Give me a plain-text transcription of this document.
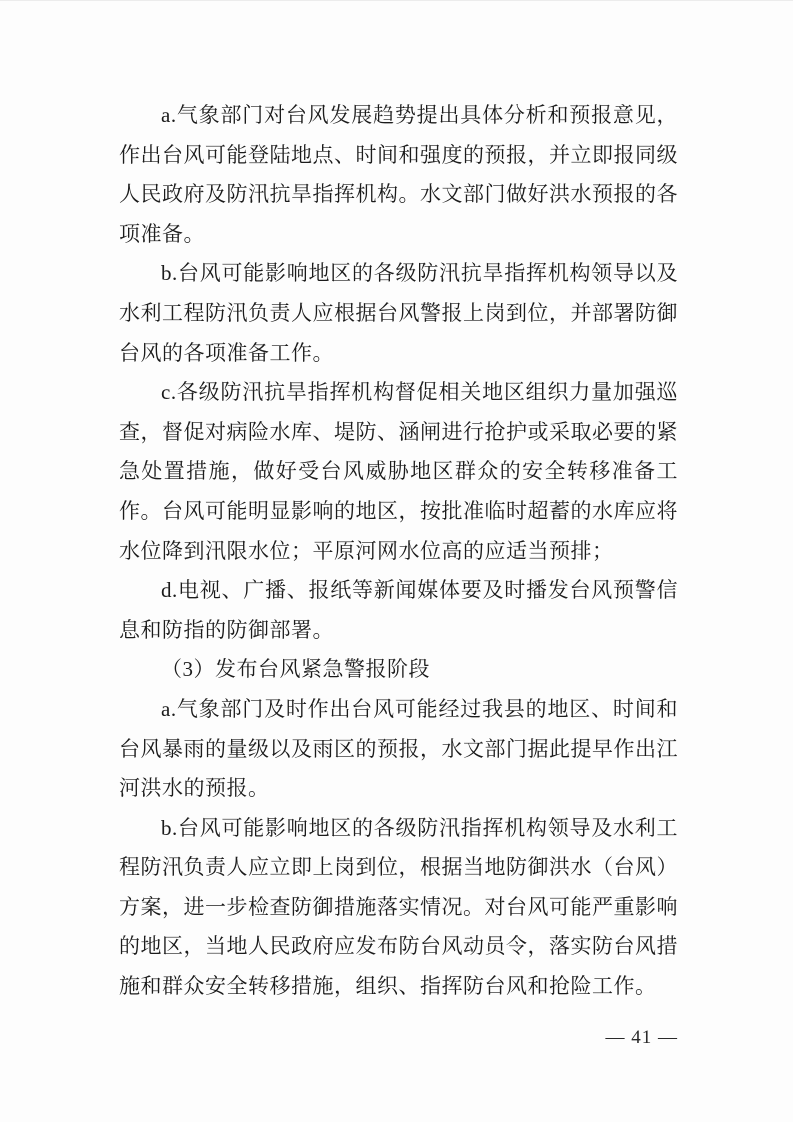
a.气象部门对台风发展趋势提出具体分析和预报意见，作出台风可能登陆地点、时间和强度的预报，并立即报同级人民政府及防汛抗旱指挥机构。水文部门做好洪水预报的各项准备。

b.台风可能影响地区的各级防汛抗旱指挥机构领导以及水利工程防汛负责人应根据台风警报上岗到位，并部署防御台风的各项准备工作。

c.各级防汛抗旱指挥机构督促相关地区组织力量加强巡查，督促对病险水库、堤防、涵闸进行抢护或采取必要的紧急处置措施，做好受台风威胁地区群众的安全转移准备工作。台风可能明显影响的地区，按批准临时超蓄的水库应将水位降到汛限水位；平原河网水位高的应适当预排；

d.电视、广播、报纸等新闻媒体要及时播发台风预警信息和防指的防御部署。

（3）发布台风紧急警报阶段

a.气象部门及时作出台风可能经过我县的地区、时间和台风暴雨的量级以及雨区的预报，水文部门据此提早作出江河洪水的预报。

b.台风可能影响地区的各级防汛指挥机构领导及水利工程防汛负责人应立即上岗到位，根据当地防御洪水（台风）方案，进一步检查防御措施落实情况。对台风可能严重影响的地区，当地人民政府应发布防台风动员令，落实防台风措施和群众安全转移措施，组织、指挥防台风和抢险工作。

— 41 —
